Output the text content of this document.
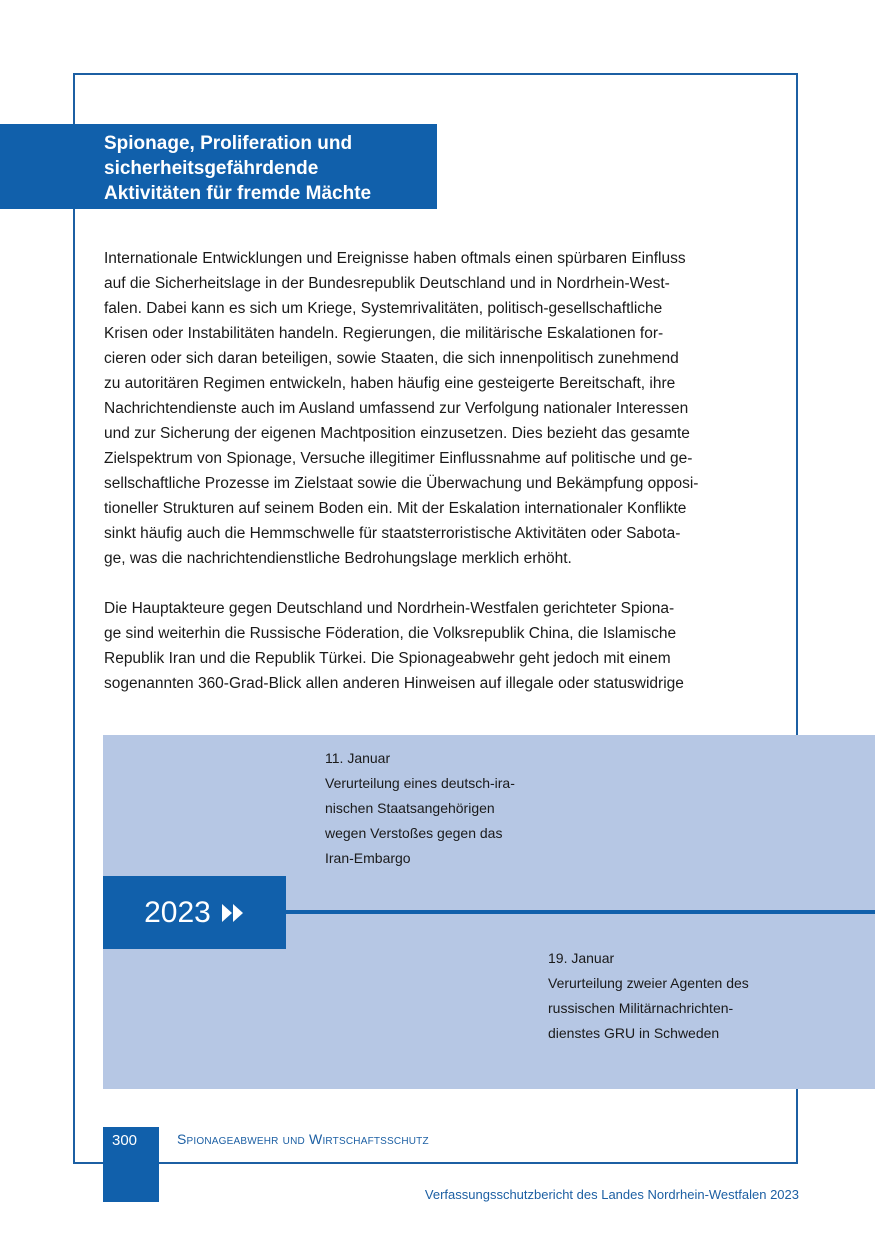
Spionage, Proliferation und
sicherheitsgefährdende
Aktivitäten für fremde Mächte
Internationale Entwicklungen und Ereignisse haben oftmals einen spürbaren Einfluss
auf die Sicherheitslage in der Bundesrepublik Deutschland und in Nordrhein-West-
falen. Dabei kann es sich um Kriege, Systemrivalitäten, politisch-gesellschaftliche
Krisen oder Instabilitäten handeln. Regierungen, die militärische Eskalationen for-
cieren oder sich daran beteiligen, sowie Staaten, die sich innenpolitisch zunehmend
zu autoritären Regimen entwickeln, haben häufig eine gesteigerte Bereitschaft, ihre
Nachrichtendienste auch im Ausland umfassend zur Verfolgung nationaler Interessen
und zur Sicherung der eigenen Machtposition einzusetzen. Dies bezieht das gesamte
Zielspektrum von Spionage, Versuche illegitimer Einflussnahme auf politische und ge-
sellschaftliche Prozesse im Zielstaat sowie die Überwachung und Bekämpfung opposi-
tioneller Strukturen auf seinem Boden ein. Mit der Eskalation internationaler Konflikte
sinkt häufig auch die Hemmschwelle für staatsterroristische Aktivitäten oder Sabota-
ge, was die nachrichtendienstliche Bedrohungslage merklich erhöht.
Die Hauptakteure gegen Deutschland und Nordrhein-Westfalen gerichteter Spiona-
ge sind weiterhin die Russische Föderation, die Volksrepublik China, die Islamische
Republik Iran und die Republik Türkei. Die Spionageabwehr geht jedoch mit einem
sogenannten 360-Grad-Blick allen anderen Hinweisen auf illegale oder statuswidrige
2023
11. Januar
Verurteilung eines deutsch-ira-
nischen Staatsangehörigen
wegen Verstoßes gegen das
Iran-Embargo
19. Januar
Verurteilung zweier Agenten des
russischen Militärnachrichten-
dienstes GRU in Schweden
300	Spionageabwehr und Wirtschaftsschutz
Verfassungsschutzbericht des Landes Nordrhein-Westfalen 2023
